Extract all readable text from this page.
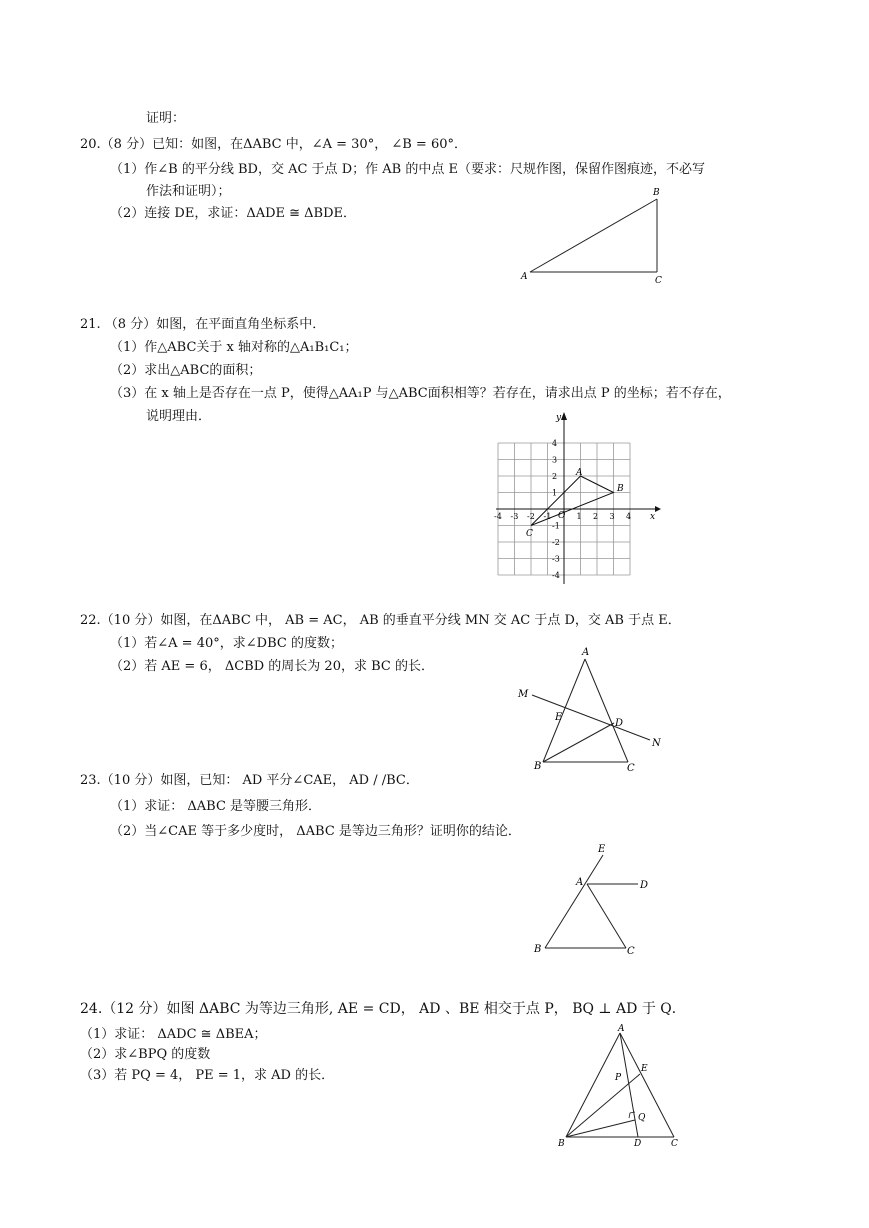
证明：
20.（8 分）已知：如图，在ΔABC 中，∠A = 30°， ∠B = 60°．
（1）作∠B 的平分线 BD，交 AC 于点 D；作 AB 的中点 E（要求：尺规作图，保留作图痕迹，不必写
作法和证明）；
（2）连接 DE，求证：ΔADE ≅ ΔBDE．
A
B
C
21. （8 分）如图，在平面直角坐标系中．
（1）作△ABC关于 x 轴对称的△A₁B₁C₁；
（2）求出△ABC的面积；
（3）在 x 轴上是否存在一点 P，使得△AA₁P 与△ABC面积相等？若存在，请求出点 P 的坐标；若不存在，
说明理由．
x
y
O
A
B
C
-4 -3 -2 -1	1 2 3 4
4
3
2
1
-1
-2
-3
-4
22.（10 分）如图，在ΔABC 中， AB = AC， AB 的垂直平分线 MN 交 AC 于点 D，交 AB 于点 E．
（1）若∠A = 40°，求∠DBC 的度数；
（2）若 AE = 6， ΔCBD 的周长为 20，求 BC 的长．
A
B	C
D
E
M
N
23.（10 分）如图，已知： AD 平分∠CAE， AD / /BC．
（1）求证： ΔABC 是等腰三角形．
（2）当∠CAE 等于多少度时， ΔABC 是等边三角形？证明你的结论．
E
A	D
B	C
24.（12 分）如图 ΔABC 为等边三角形, AE = CD， AD 、BE 相交于点 P， BQ ⊥ AD 于 Q．
（1）求证： ΔADC ≅ ΔBEA；
（2）求∠BPQ 的度数
（3）若 PQ = 4， PE = 1，求 AD 的长．
A
B	C
D
E
P
Q
